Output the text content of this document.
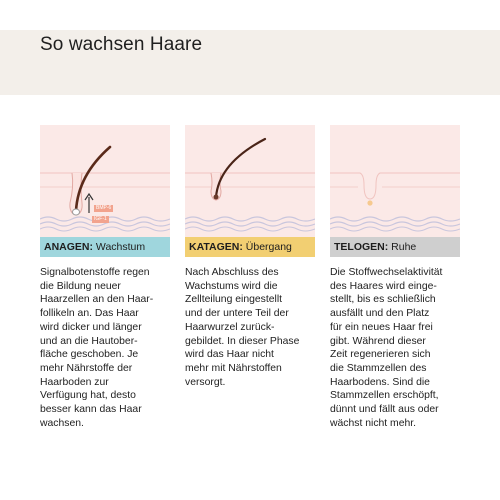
So wachsen Haare
BMP-6
IGF-1
ANAGEN: Wachstum
Signalbotenstoffe regen
die Bildung neuer
Haarzellen an den Haar-
follikeln an. Das Haar
wird dicker und länger
und an die Hautober-
fläche geschoben. Je
mehr Nährstoffe der
Haarboden zur
Verfügung hat, desto
besser kann das Haar
wachsen.
KATAGEN: Übergang
Nach Abschluss des
Wachstums wird die
Zellteilung eingestellt
und der untere Teil der
Haarwurzel zurück-
gebildet. In dieser Phase
wird das Haar nicht
mehr mit Nährstoffen
versorgt.
TELOGEN: Ruhe
Die Stoffwechselaktivität
des Haares wird einge-
stellt, bis es schließlich
ausfällt und den Platz
für ein neues Haar frei
gibt. Während dieser
Zeit regenerieren sich
die Stammzellen des
Haarbodens. Sind die
Stammzellen erschöpft,
dünnt und fällt aus oder
wächst nicht mehr.
